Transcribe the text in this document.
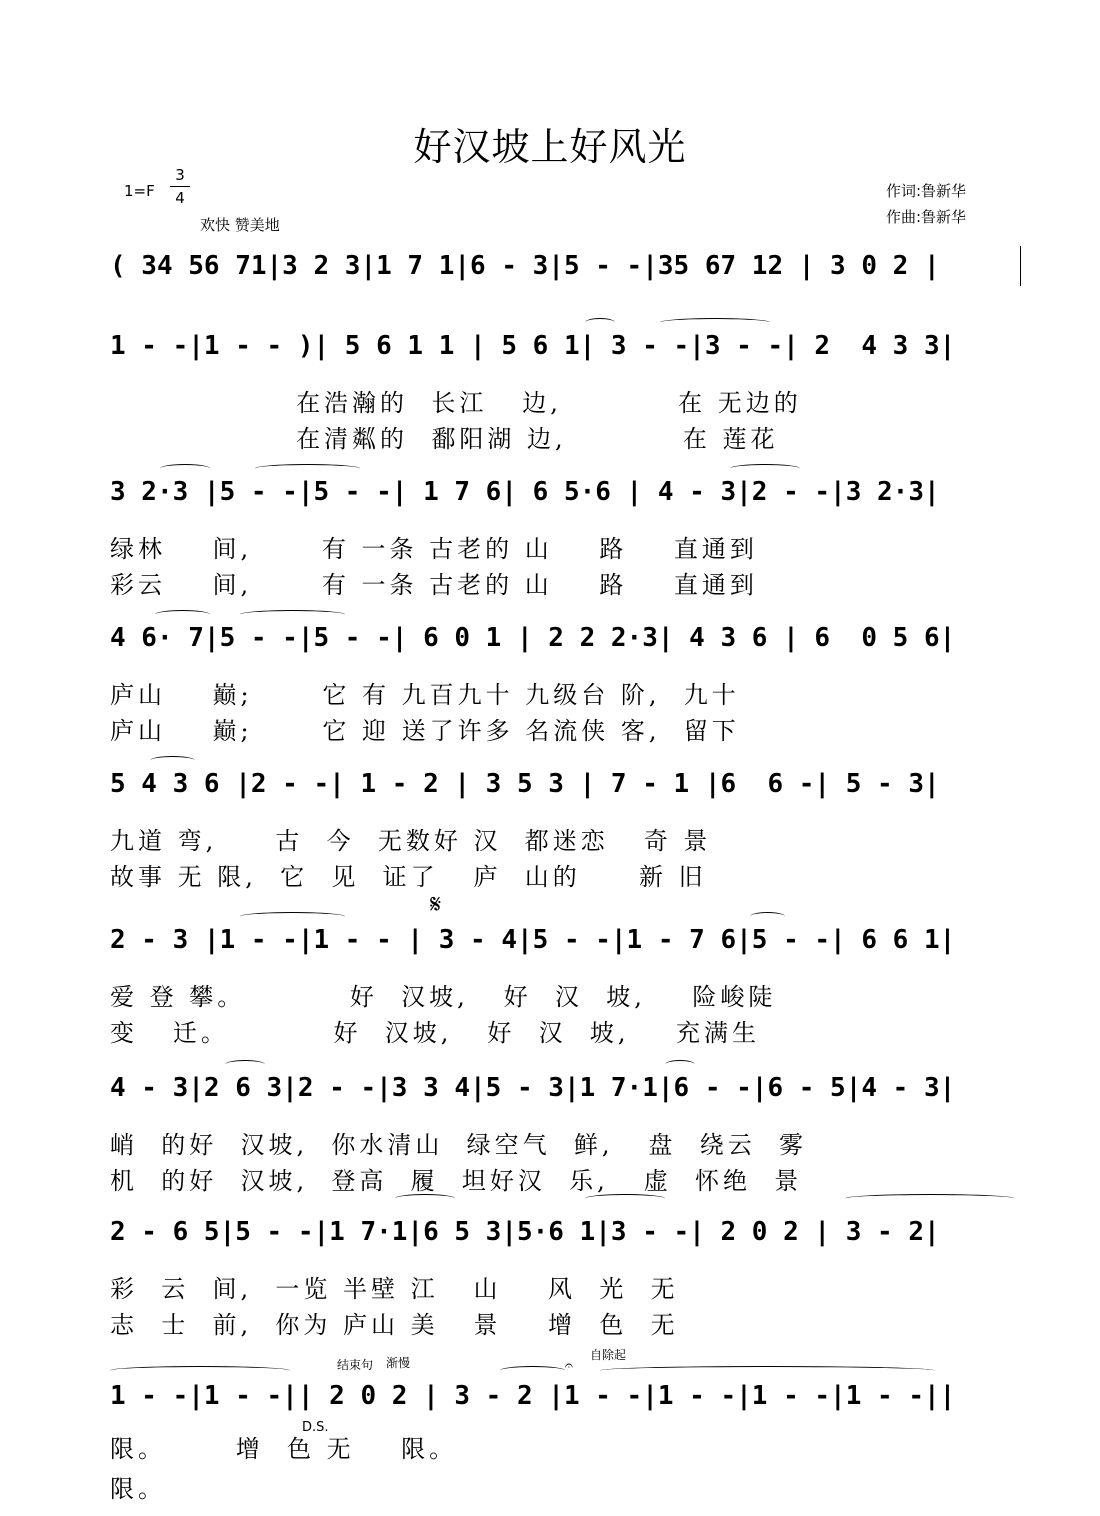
好汉坡上好风光
$1=F \frac{3}{4}$
欢快 赞美地
作词:鲁新华
作曲:鲁新华
( 34 56 71|3 2 3|1 7 1|6 - 3|5 - -|35 67 12 | 3 0 2 |
1 - -|1 - - )| 5 6 1 1 | 5 6 1| 3 - -|3 - -| 2  4 3 3|
在浩瀚的  长江   边,          在 无边的
在清粼的  鄱阳湖 边,          在 莲花
3 2·3 |5 - -|5 - -| 1 7 6| 6 5·6 | 4 - 3|2 - -|3 2·3|
绿林    间,      有 一条 古老的 山    路    直通到
彩云    间,      有 一条 古老的 山    路    直通到
4 6· 7|5 - -|5 - -| 6 0 1 | 2 2 2·3| 4 3 6 | 6  0 5 6|
庐山    巅;      它 有 九百九十 九级台 阶,  九十
庐山    巅;      它 迎 送了许多 名流侠 客,  留下
5 4 3 6 |2 - -| 1 - 2 | 3 5 3 | 7 - 1 |6  6 -| 5 - 3|
九道 弯,     古  今  无数好 汉  都迷恋   奇 景
故事 无 限,  它  见  证了   庐  山的     新 旧
𝄋
2 - 3 |1 - -|1 - - | 3 - 4|5 - -|1 - 7 6|5 - -| 6 6 1|
爱 登 攀。         好  汉坡,   好  汉  坡,    险峻陡
变   迁。         好  汉坡,   好  汉  坡,    充满生
4 - 3|2 6 3|2 - -|3 3 4|5 - 3|1 7·1|6 - -|6 - 5|4 - 3|
峭  的好  汉坡,  你水清山  绿空气  鲜,   盘  绕云  雾
机  的好  汉坡,  登高  履  坦好汉  乐,   虚  怀绝  景
2 - 6 5|5 - -|1 7·1|6 5 3|5·6 1|3 - -| 2 0 2 | 3 - 2|
彩  云  间,  一览 半壁 江   山    风  光  无
志  士  前,  你为 庐山 美   景    增  色  无
结束句 渐慢
自除起
𝄐
1 - -|1 - -|| 2 0 2 | 3 - 2 |1 - -|1 - -|1 - -|1 - -||
D.S.
限。      增  色 无    限。
限。
